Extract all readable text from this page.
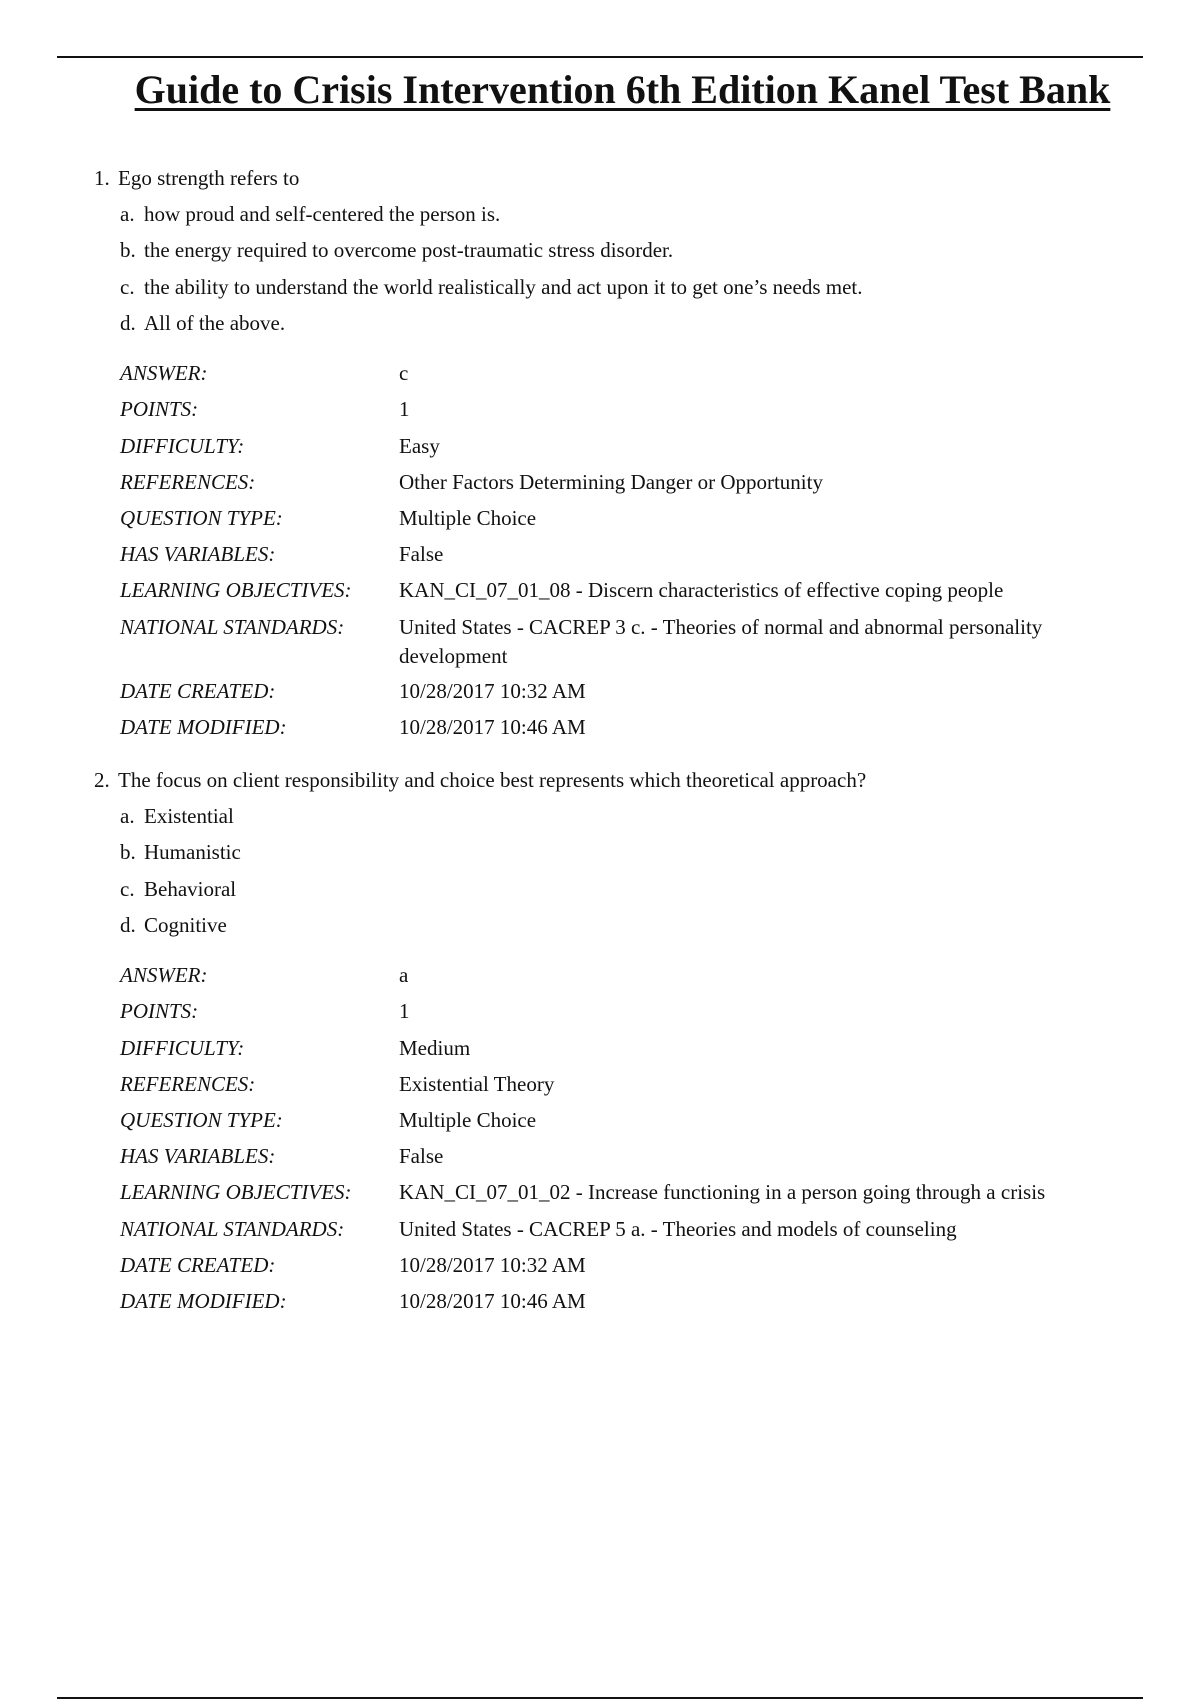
Guide to Crisis Intervention 6th Edition Kanel Test Bank
1. Ego strength refers to
a. how proud and self-centered the person is.
b. the energy required to overcome post-traumatic stress disorder.
c. the ability to understand the world realistically and act upon it to get one’s needs met.
d. All of the above.
ANSWER:	c
POINTS:	1
DIFFICULTY:	Easy
REFERENCES:	Other Factors Determining Danger or Opportunity
QUESTION TYPE:	Multiple Choice
HAS VARIABLES:	False
LEARNING OBJECTIVES:	KAN_CI_07_01_08 - Discern characteristics of effective coping people
NATIONAL STANDARDS:	United States - CACREP 3 c. - Theories of normal and abnormal personality development
DATE CREATED:	10/28/2017 10:32 AM
DATE MODIFIED:	10/28/2017 10:46 AM
2. The focus on client responsibility and choice best represents which theoretical approach?
a. Existential
b. Humanistic
c. Behavioral
d. Cognitive
ANSWER:	a
POINTS:	1
DIFFICULTY:	Medium
REFERENCES:	Existential Theory
QUESTION TYPE:	Multiple Choice
HAS VARIABLES:	False
LEARNING OBJECTIVES:	KAN_CI_07_01_02 - Increase functioning in a person going through a crisis
NATIONAL STANDARDS:	United States - CACREP 5 a. - Theories and models of counseling
DATE CREATED:	10/28/2017 10:32 AM
DATE MODIFIED:	10/28/2017 10:46 AM
